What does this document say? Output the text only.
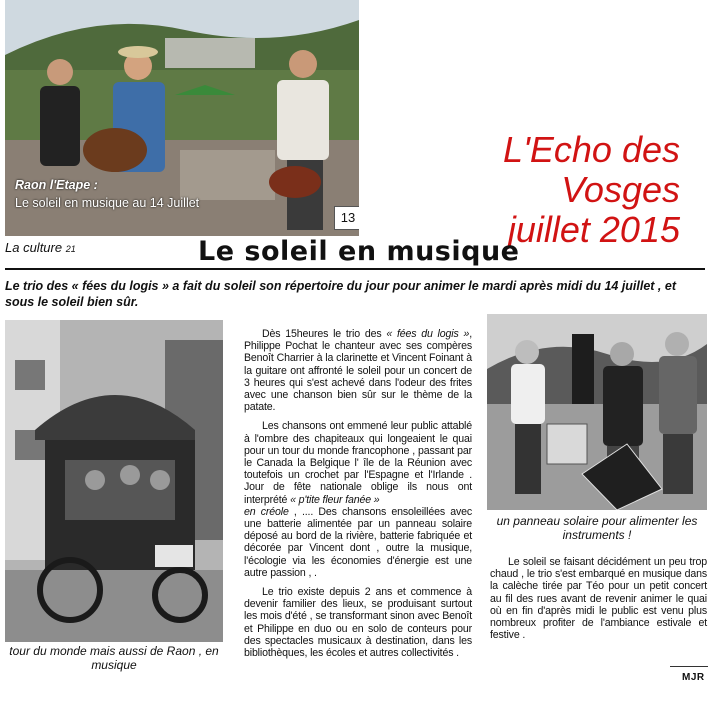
Raon l'Etape :
Le soleil en musique au 14 Juillet
13
L'Echo des Vosges
juillet 2015
La culture 21	Le soleil en musique
Le trio des « fées du logis » a fait du soleil son répertoire du jour pour animer le mardi après midi du 14 juillet , et sous le soleil bien sûr.
tour du monde mais aussi de Raon , en musique
un panneau solaire pour alimenter les instruments !

Dès 15heures le trio des « fées du logis », Philippe Pochat le chanteur avec ses compères Benoît Charrier à la clarinette et Vincent Foinant à la guitare ont affronté le soleil pour un concert de 3 heures qui s'est achevé dans l'odeur des frites avec une chanson bien sûr sur le thème de la patate.

Les chansons ont emmené leur public attablé à l'ombre des chapiteaux qui longeaient le quai pour un tour du monde francophone , passant par le Canada la Belgique l' île de la Réunion avec toutefois un crochet par l'Espagne et l'Irlande . Jour de fête nationale oblige ils nous ont interprété « p'tite fleur fanée »
en créole , .... Des chansons ensoleillées avec une batterie alimentée par un panneau solaire déposé au bord de la rivière, batterie fabriquée et décorée par Vincent dont , outre la musique, l'écologie via les économies d'énergie est une autre passion , .

Le trio existe depuis 2 ans et commence à devenir familier des lieux, se produisant surtout les mois d'été , se transformant sinon avec Benoît et Philippe en duo ou en solo de conteurs pour des spectacles musicaux à destination, dans les bibliothèques, les écoles et autres collectivités .

Le soleil se faisant décidément un peu trop chaud , le trio s'est embarqué en musique dans la calèche tirée par Téo pour un petit concert au fil des rues avant de revenir animer le quai où en fin d'après midi le public est venu plus nombreux profiter de l'ambiance estivale et festive .

MJR
